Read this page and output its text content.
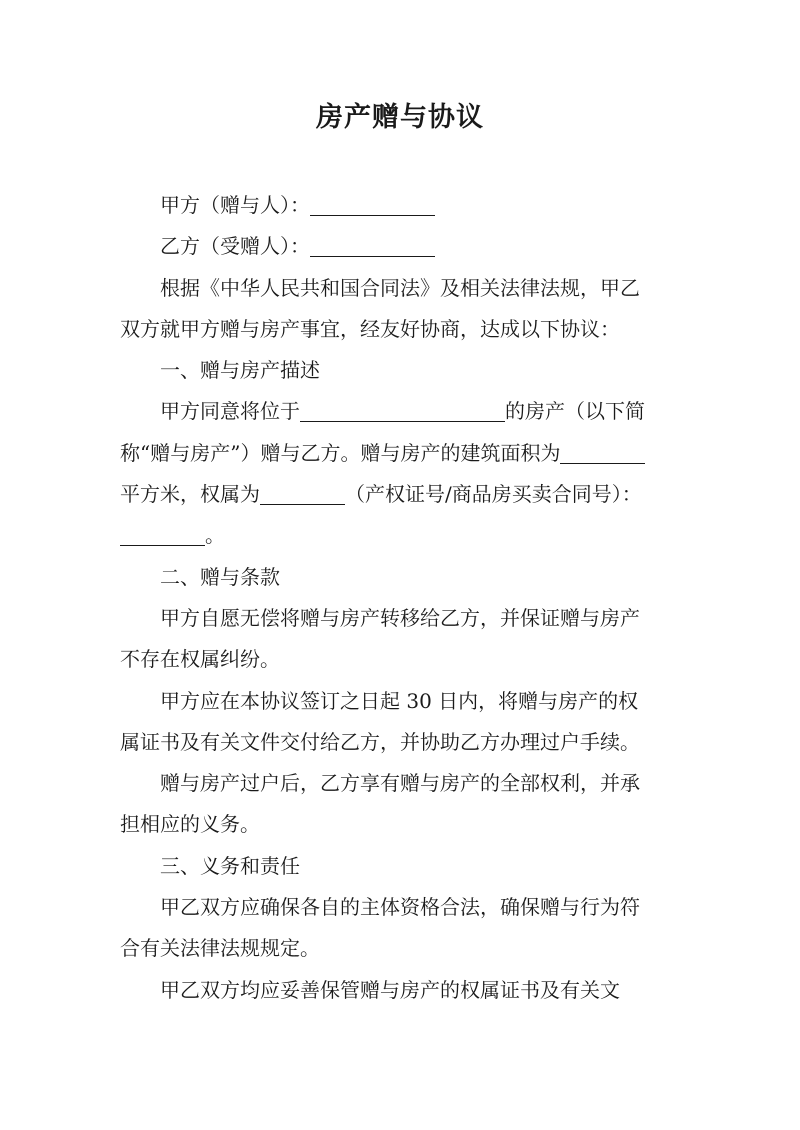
房产赠与协议
甲方（赠与人）：
乙方（受赠人）：
根据《中华人民共和国合同法》及相关法律法规，甲乙
双方就甲方赠与房产事宜，经友好协商，达成以下协议：
一、赠与房产描述
甲方同意将位于	的房产（以下简
称“赠与房产”）赠与乙方。赠与房产的建筑面积为
平方米，权属为	（产权证号/商品房买卖合同号）：
。
二、赠与条款
甲方自愿无偿将赠与房产转移给乙方，并保证赠与房产
不存在权属纠纷。
甲方应在本协议签订之日起 30 日内，将赠与房产的权
属证书及有关文件交付给乙方，并协助乙方办理过户手续。
赠与房产过户后，乙方享有赠与房产的全部权利，并承
担相应的义务。
三、义务和责任
甲乙双方应确保各自的主体资格合法，确保赠与行为符
合有关法律法规规定。
甲乙双方均应妥善保管赠与房产的权属证书及有关文
